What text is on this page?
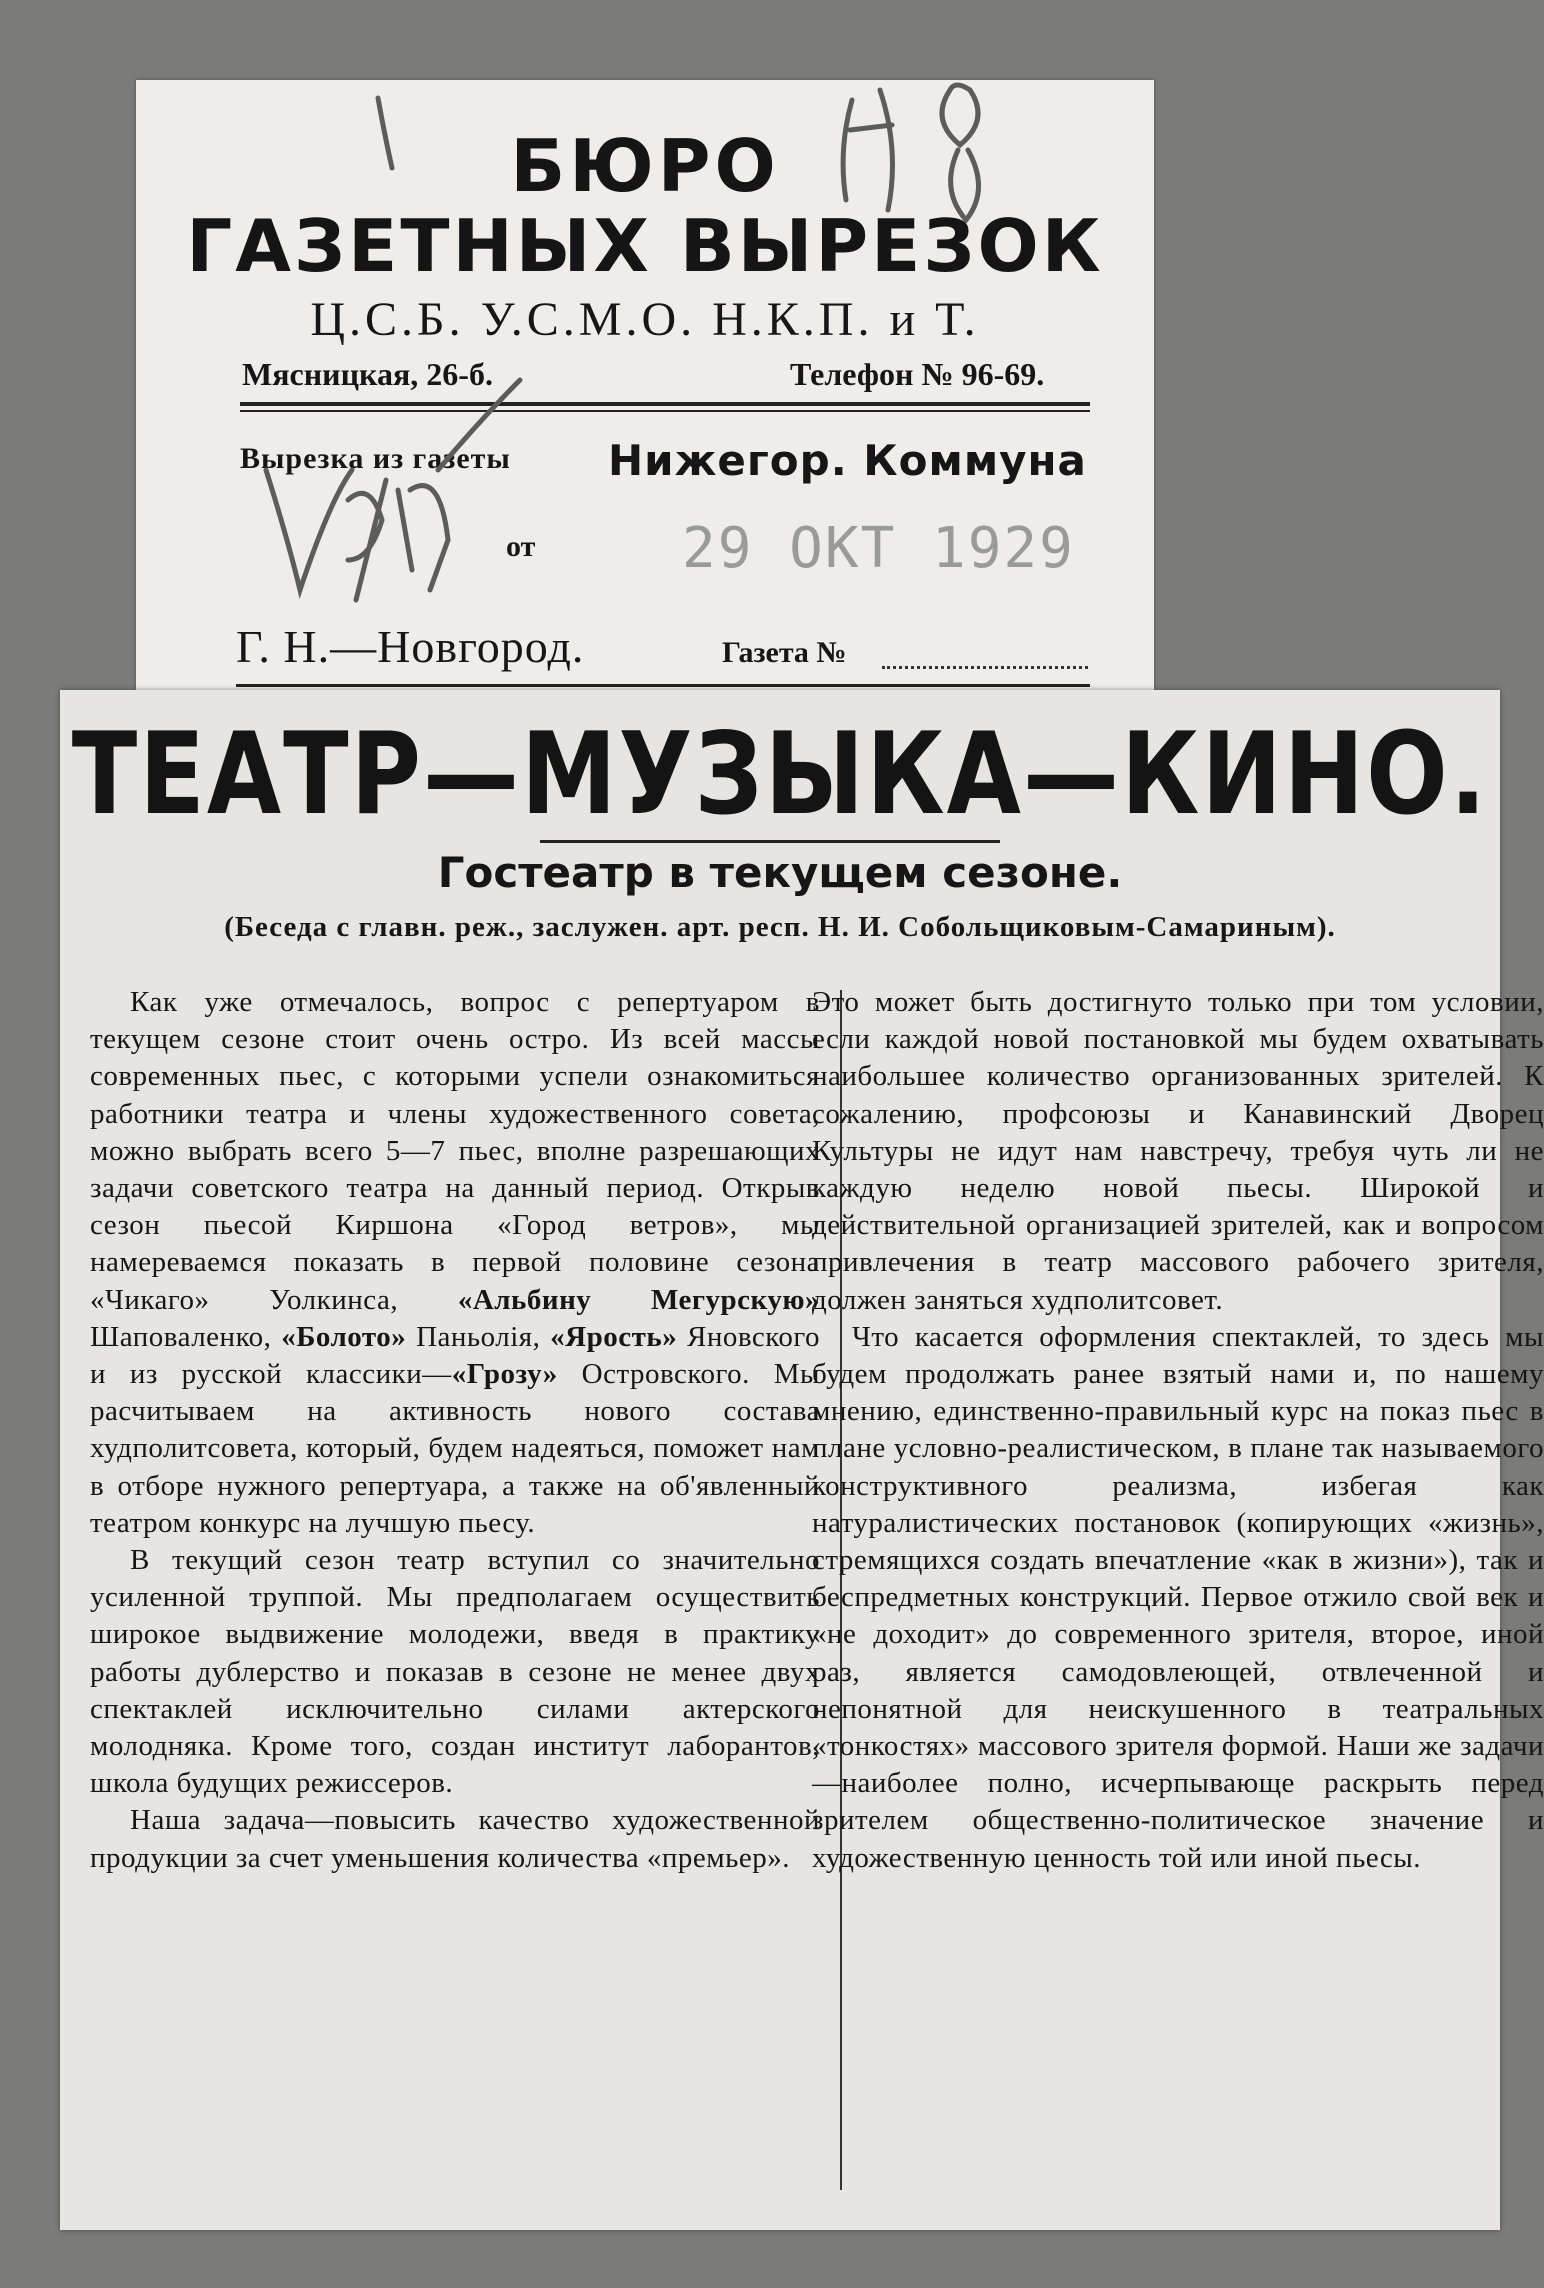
БЮРО
ГАЗЕТНЫХ ВЫРЕЗОК
Ц.С.Б. У.С.М.О. Н.К.П. и Т.
Мясницкая, 26-б.	Телефон № 96-69.
Вырезка из газеты Нижегор. Коммуна
от	29 ОКТ 1929
Г. Н.—Новгород.	Газета №
ТЕАТР—МУЗЫКА—КИНО.
Гостеатр в текущем сезоне.
(Беседа с главн. реж., заслужен. арт. респ. Н. И. Собольщиковым-Самариным).

Как уже отмечалось, вопрос с репертуаром в текущем сезоне стоит очень остро. Из всей массы современных пьес, с которыми успели ознакомиться работники театра и члены художественного совета, можно выбрать всего 5—7 пьес, вполне разрешающих задачи советского театра на данный период. Открыв сезон пьесой Киршона «Город ветров», мы намереваемся показать в первой половине сезона «Чикаго» Уолкинса, «Альбину Мегурскую» Шаповаленко, «Болото» Паньолія, «Ярость» Яновского и из русской классики—«Грозу» Островского. Мы расчитываем на активность нового состава худполитсовета, который, будем надеяться, поможет нам в отборе нужного репертуара, а также на об'явленный театром конкурс на лучшую пьесу.

В текущий сезон театр вступил со значительно усиленной труппой. Мы предполагаем осуществить широкое выдвижение молодежи, введя в практику работы дублерство и показав в сезоне не менее двух спектаклей исключительно силами актерского молодняка. Кроме того, создан институт лаборантов, школа будущих режиссеров.

Наша задача—повысить качество художественной продукции за счет уменьшения количества «премьер».

Это может быть достигнуто только при том условии, если каждой новой постановкой мы будем охватывать наибольшее количество организованных зрителей. К сожалению, профсоюзы и Канавинский Дворец Культуры не идут нам навстречу, требуя чуть ли не каждую неделю новой пьесы. Широкой и действительной организацией зрителей, как и вопросом привлечения в театр массового рабочего зрителя, должен заняться худполитсовет.

Что касается оформления спектаклей, то здесь мы будем продолжать ранее взятый нами и, по нашему мнению, единственно-правильный курс на показ пьес в плане условно-реалистическом, в плане так называемого конструктивного реализма, избегая как натуралистических постановок (копирующих «жизнь», стремящихся создать впечатление «как в жизни»), так и беспредметных конструкций. Первое отжило свой век и «не доходит» до современного зрителя, второе, иной раз, является самодовлеющей, отвлеченной и непонятной для неискушенного в театральных «тонкостях» массового зрителя формой. Наши же задачи—наиболее полно, исчерпывающе раскрыть перед зрителем общественно-политическое значение и художественную ценность той или иной пьесы.
